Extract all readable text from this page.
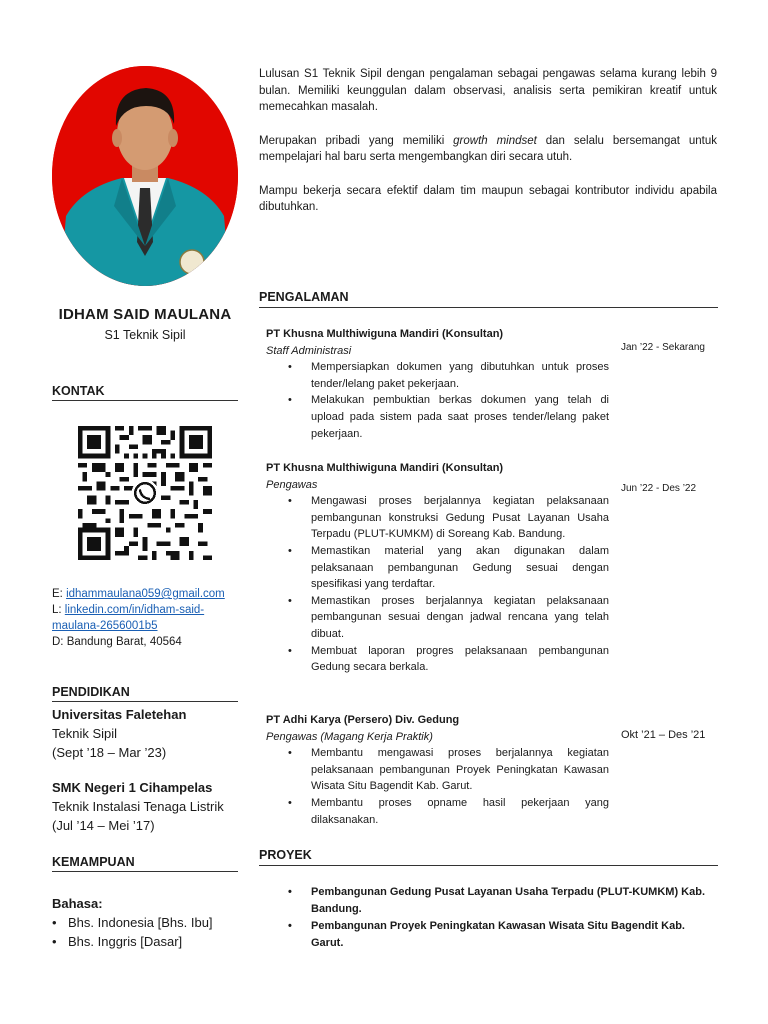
IDHAM SAID MAULANA
S1 Teknik Sipil
KONTAK
E: idhammaulana059@gmail.com
L: linkedin.com/in/idham-said-maulana-2656001b5
D: Bandung Barat, 40564
PENDIDIKAN
Universitas Faletehan
Teknik Sipil
(Sept ’18 – Mar ’23)
SMK Negeri 1 Cihampelas
Teknik Instalasi Tenaga Listrik
(Jul ’14 – Mei ’17)
KEMAMPUAN
Bahasa:
• Bhs. Indonesia [Bhs. Ibu]
• Bhs. Inggris [Dasar]

Lulusan S1 Teknik Sipil dengan pengalaman sebagai pengawas selama kurang lebih 9 bulan. Memiliki keunggulan dalam observasi, analisis serta pemikiran kreatif untuk memecahkan masalah.

Merupakan pribadi yang memiliki growth mindset dan selalu bersemangat untuk mempelajari hal baru serta mengembangkan diri secara utuh.

Mampu bekerja secara efektif dalam tim maupun sebagai kontributor individu apabila dibutuhkan.

PENGALAMAN
PT Khusna Multhiwiguna Mandiri (Konsultan)
Staff Administrasi
• Mempersiapkan dokumen yang dibutuhkan untuk proses tender/lelang paket pekerjaan.
• Melakukan pembuktian berkas dokumen yang telah di upload pada sistem pada saat proses tender/lelang paket pekerjaan.
Jan ’22 - Sekarang
PT Khusna Multhiwiguna Mandiri (Konsultan)
Pengawas
• Mengawasi proses berjalannya kegiatan pelaksanaan pembangunan konstruksi Gedung Pusat Layanan Usaha Terpadu (PLUT-KUMKM) di Soreang Kab. Bandung.
• Memastikan material yang akan digunakan dalam pelaksanaan pembangunan Gedung sesuai dengan spesifikasi yang terdaftar.
• Memastikan proses berjalannya kegiatan pelaksanaan pembangunan sesuai dengan jadwal rencana yang telah dibuat.
• Membuat laporan progres pelaksanaan pembangunan Gedung secara berkala.
Jun ’22 - Des ’22
PT Adhi Karya (Persero) Div. Gedung
Pengawas (Magang Kerja Praktik)
• Membantu mengawasi proses berjalannya kegiatan pelaksanaan pembangunan Proyek Peningkatan Kawasan Wisata Situ Bagendit Kab. Garut.
• Membantu proses opname hasil pekerjaan yang dilaksanakan.
Okt ’21 – Des ’21
PROYEK
• Pembangunan Gedung Pusat Layanan Usaha Terpadu (PLUT-KUMKM) Kab. Bandung.
• Pembangunan Proyek Peningkatan Kawasan Wisata Situ Bagendit Kab. Garut.
